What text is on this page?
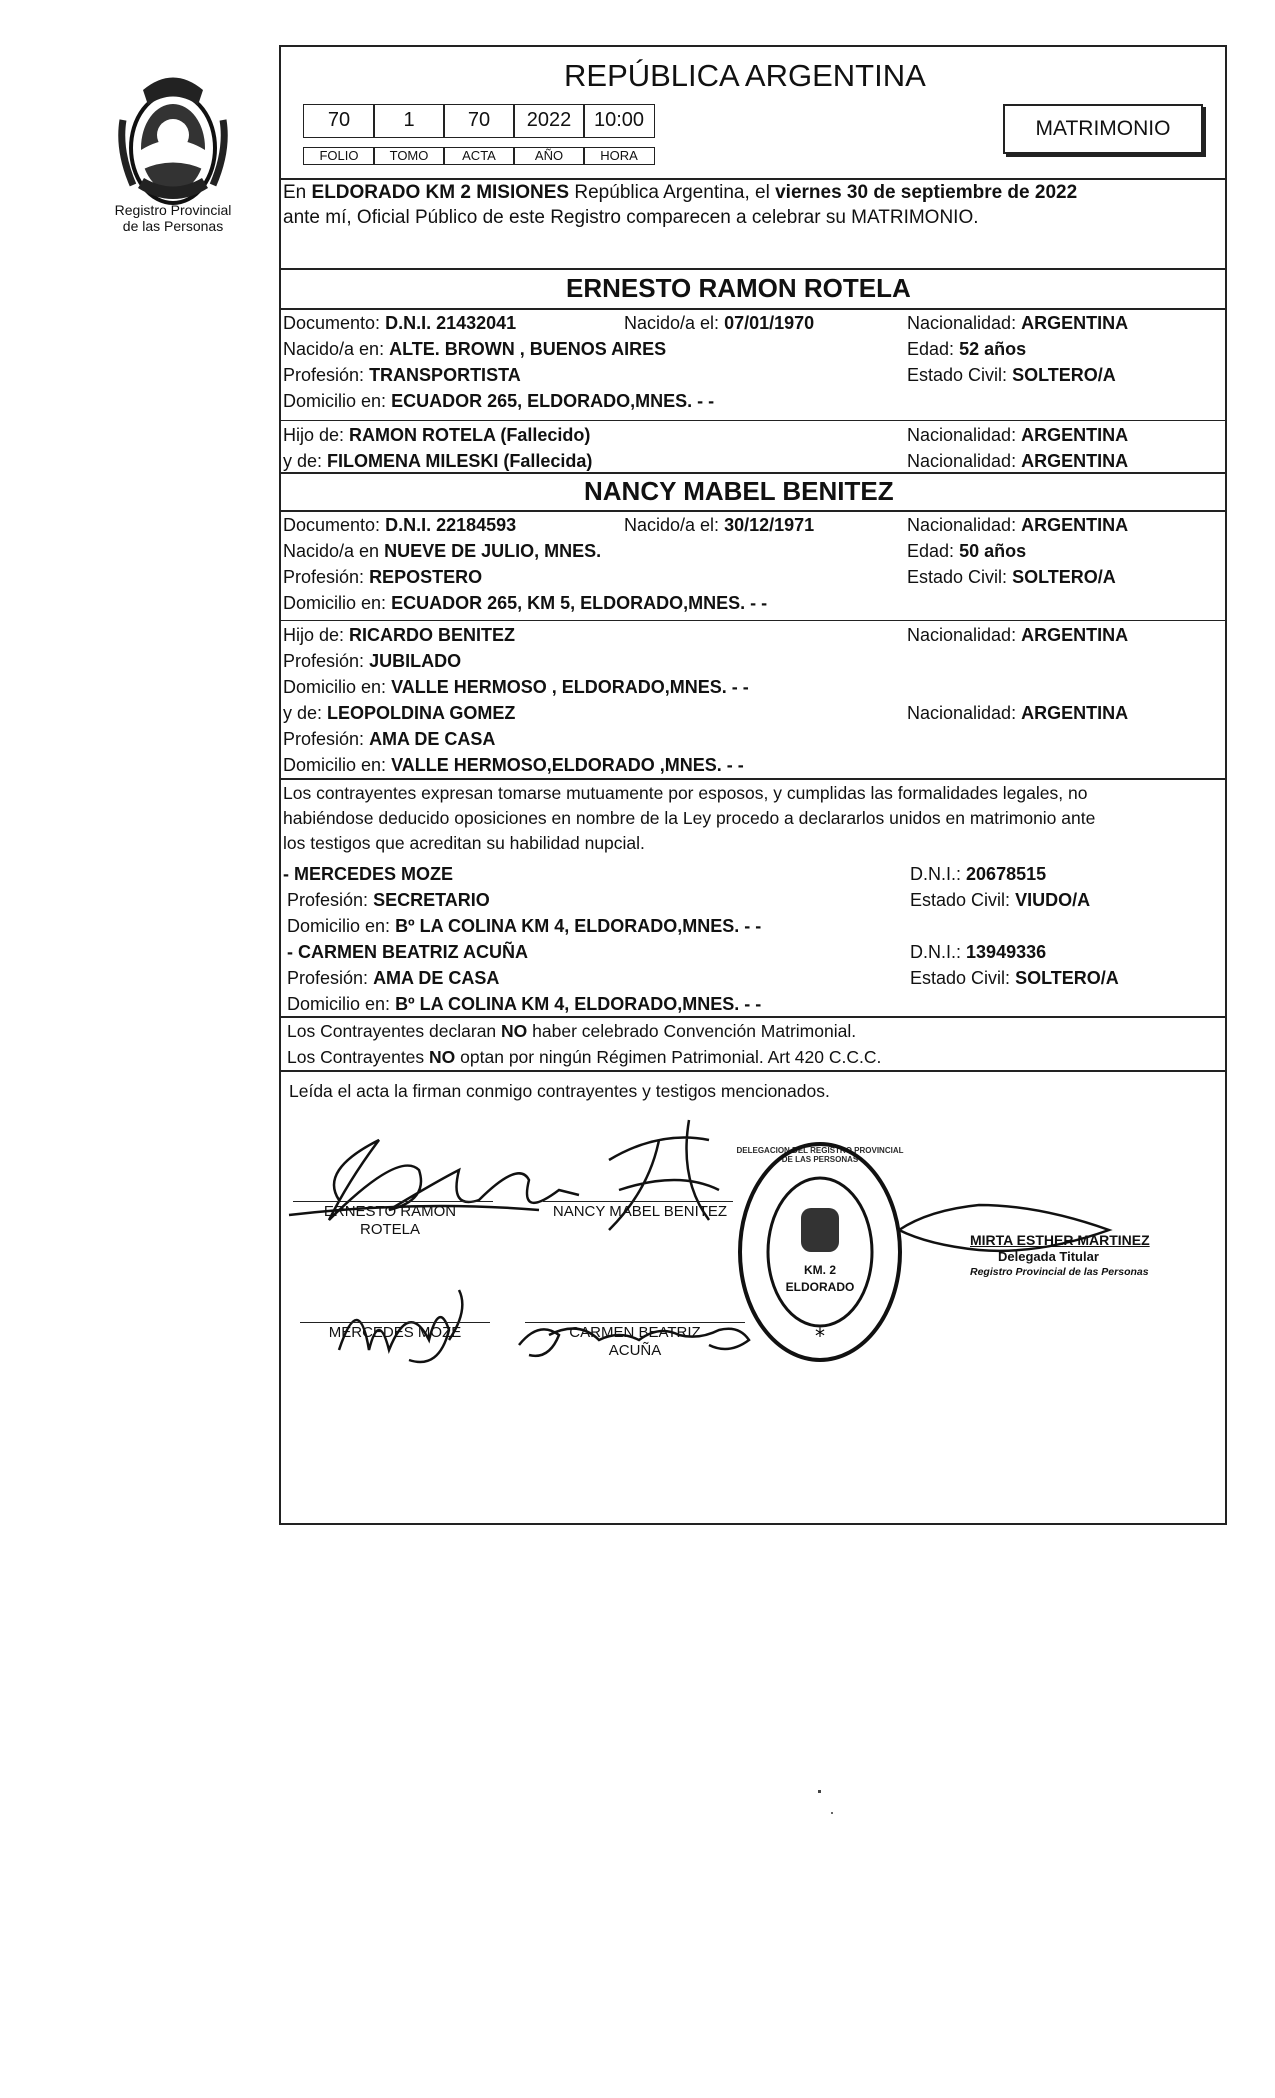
Registro Provincial
de las Personas
REPÚBLICA ARGENTINA
70	1	70	2022	10:00
FOLIO	TOMO	ACTA	AÑO	HORA
MATRIMONIO
En ELDORADO KM 2 MISIONES República Argentina, el viernes 30 de septiembre de 2022
ante mí, Oficial Público de este Registro comparecen a celebrar su MATRIMONIO.
ERNESTO RAMON ROTELA
Documento: D.N.I. 21432041	Nacido/a el: 07/01/1970	Nacionalidad: ARGENTINA
Nacido/a en: ALTE. BROWN , BUENOS AIRES	Edad: 52 años
Profesión: TRANSPORTISTA	Estado Civil: SOLTERO/A
Domicilio en: ECUADOR 265, ELDORADO,MNES. - -
Hijo de: RAMON ROTELA (Fallecido)	Nacionalidad: ARGENTINA
y de: FILOMENA MILESKI (Fallecida)	Nacionalidad: ARGENTINA
NANCY MABEL BENITEZ
Documento: D.N.I. 22184593	Nacido/a el: 30/12/1971	Nacionalidad: ARGENTINA
Nacido/a en NUEVE DE JULIO, MNES.	Edad: 50 años
Profesión: REPOSTERO	Estado Civil: SOLTERO/A
Domicilio en: ECUADOR 265, KM 5, ELDORADO,MNES. - -
Hijo de: RICARDO BENITEZ	Nacionalidad: ARGENTINA
Profesión: JUBILADO
Domicilio en: VALLE HERMOSO , ELDORADO,MNES. - -
y de: LEOPOLDINA GOMEZ	Nacionalidad: ARGENTINA
Profesión: AMA DE CASA
Domicilio en: VALLE HERMOSO,ELDORADO ,MNES. - -
Los contrayentes expresan tomarse mutuamente por esposos, y cumplidas las formalidades legales, no
habiéndose deducido oposiciones en nombre de la Ley procedo a declararlos unidos en matrimonio ante
los testigos que acreditan su habilidad nupcial.
- MERCEDES MOZE	D.N.I.: 20678515
Profesión: SECRETARIO	Estado Civil: VIUDO/A
Domicilio en: Bº LA COLINA KM 4, ELDORADO,MNES. - -
- CARMEN BEATRIZ ACUÑA	D.N.I.: 13949336
Profesión: AMA DE CASA	Estado Civil: SOLTERO/A
Domicilio en: Bº LA COLINA KM 4, ELDORADO,MNES. - -
Los Contrayentes declaran NO haber celebrado Convención Matrimonial.
Los Contrayentes NO optan por ningún Régimen Patrimonial. Art 420 C.C.C.
Leída el acta la firman conmigo contrayentes y testigos mencionados.
ERNESTO RAMON
ROTELA
NANCY MABEL BENITEZ
MERCEDES MOZE	CARMEN BEATRIZ
ACUÑA
*
DELEGACION DEL REGISTRO PROVINCIAL DE LAS PERSONAS
KM. 2
ELDORADO
MIRTA ESTHER MARTINEZ
Delegada Titular
Registro Provincial de las Personas
